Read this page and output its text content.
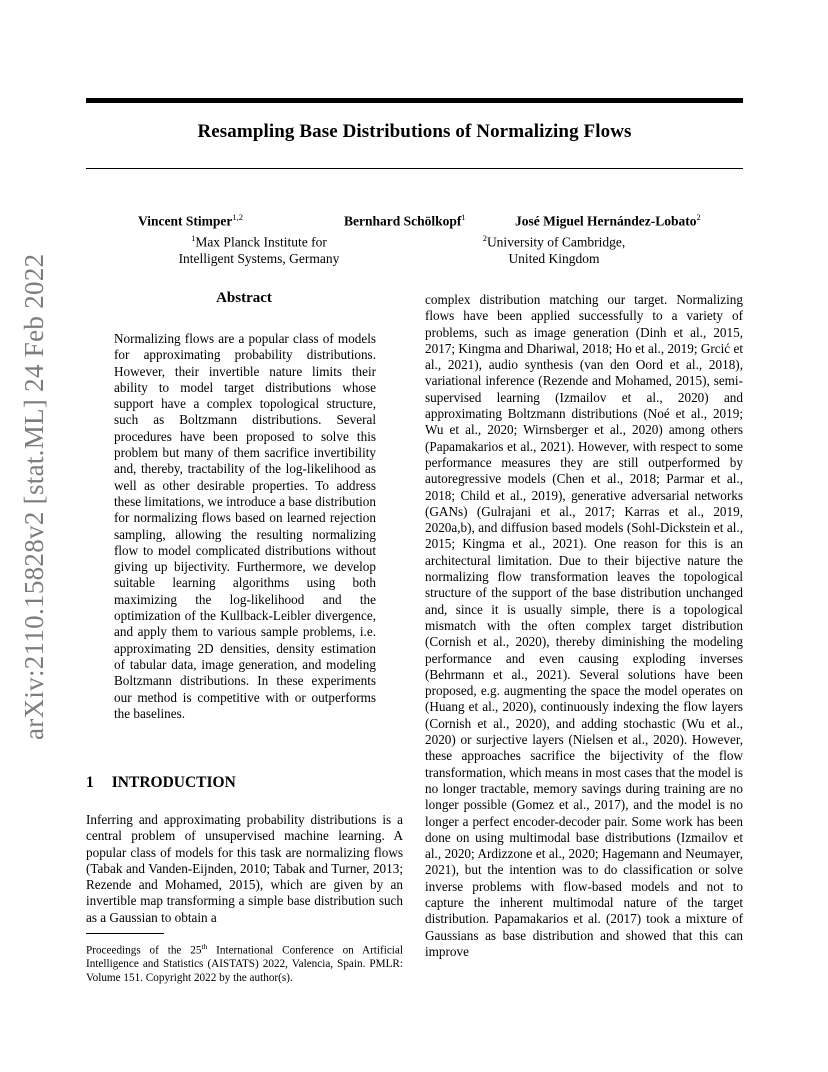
Resampling Base Distributions of Normalizing Flows
arXiv:2110.15828v2 [stat.ML] 24 Feb 2022
Vincent Stimper$^{1,2}$	Bernhard Schölkopf$^1$	José Miguel Hernández-Lobato$^2$
$^1$Max Planck Institute for
Intelligent Systems, Germany
$^2$University of Cambridge,
United Kingdom
Abstract
Normalizing flows are a popular class of models for approximating probability distributions. However, their invertible nature limits their ability to model target distributions whose support have a complex topological structure, such as Boltzmann distributions. Several procedures have been proposed to solve this problem but many of them sacrifice invertibility and, thereby, tractability of the log-likelihood as well as other desirable properties. To address these limitations, we introduce a base distribution for normalizing flows based on learned rejection sampling, allowing the resulting normalizing flow to model complicated distributions without giving up bijectivity. Furthermore, we develop suitable learning algorithms using both maximizing the log-likelihood and the optimization of the Kullback-Leibler divergence, and apply them to various sample problems, i.e. approximating 2D densities, density estimation of tabular data, image generation, and modeling Boltzmann distributions. In these experiments our method is competitive with or outperforms the baselines.
1 INTRODUCTION
Inferring and approximating probability distributions is a central problem of unsupervised machine learning. A popular class of models for this task are normalizing flows (Tabak and Vanden-Eijnden, 2010; Tabak and Turner, 2013; Rezende and Mohamed, 2015), which are given by an invertible map transforming a simple base distribution such as a Gaussian to obtain a
Proceedings of the 25th International Conference on Artificial Intelligence and Statistics (AISTATS) 2022, Valencia, Spain. PMLR: Volume 151. Copyright 2022 by the author(s).
complex distribution matching our target. Normalizing flows have been applied successfully to a variety of problems, such as image generation (Dinh et al., 2015, 2017; Kingma and Dhariwal, 2018; Ho et al., 2019; Grcić et al., 2021), audio synthesis (van den Oord et al., 2018), variational inference (Rezende and Mohamed, 2015), semi-supervised learning (Izmailov et al., 2020) and approximating Boltzmann distributions (Noé et al., 2019; Wu et al., 2020; Wirnsberger et al., 2020) among others (Papamakarios et al., 2021). However, with respect to some performance measures they are still outperformed by autoregressive models (Chen et al., 2018; Parmar et al., 2018; Child et al., 2019), generative adversarial networks (GANs) (Gulrajani et al., 2017; Karras et al., 2019, 2020a,b), and diffusion based models (Sohl-Dickstein et al., 2015; Kingma et al., 2021). One reason for this is an architectural limitation. Due to their bijective nature the normalizing flow transformation leaves the topological structure of the support of the base distribution unchanged and, since it is usually simple, there is a topological mismatch with the often complex target distribution (Cornish et al., 2020), thereby diminishing the modeling performance and even causing exploding inverses (Behrmann et al., 2021). Several solutions have been proposed, e.g. augmenting the space the model operates on (Huang et al., 2020), continuously indexing the flow layers (Cornish et al., 2020), and adding stochastic (Wu et al., 2020) or surjective layers (Nielsen et al., 2020). However, these approaches sacrifice the bijectivity of the flow transformation, which means in most cases that the model is no longer tractable, memory savings during training are no longer possible (Gomez et al., 2017), and the model is no longer a perfect encoder-decoder pair. Some work has been done on using multimodal base distributions (Izmailov et al., 2020; Ardizzone et al., 2020; Hagemann and Neumayer, 2021), but the intention was to do classification or solve inverse problems with flow-based models and not to capture the inherent multimodal nature of the target distribution. Papamakarios et al. (2017) took a mixture of Gaussians as base distribution and showed that this can improve
